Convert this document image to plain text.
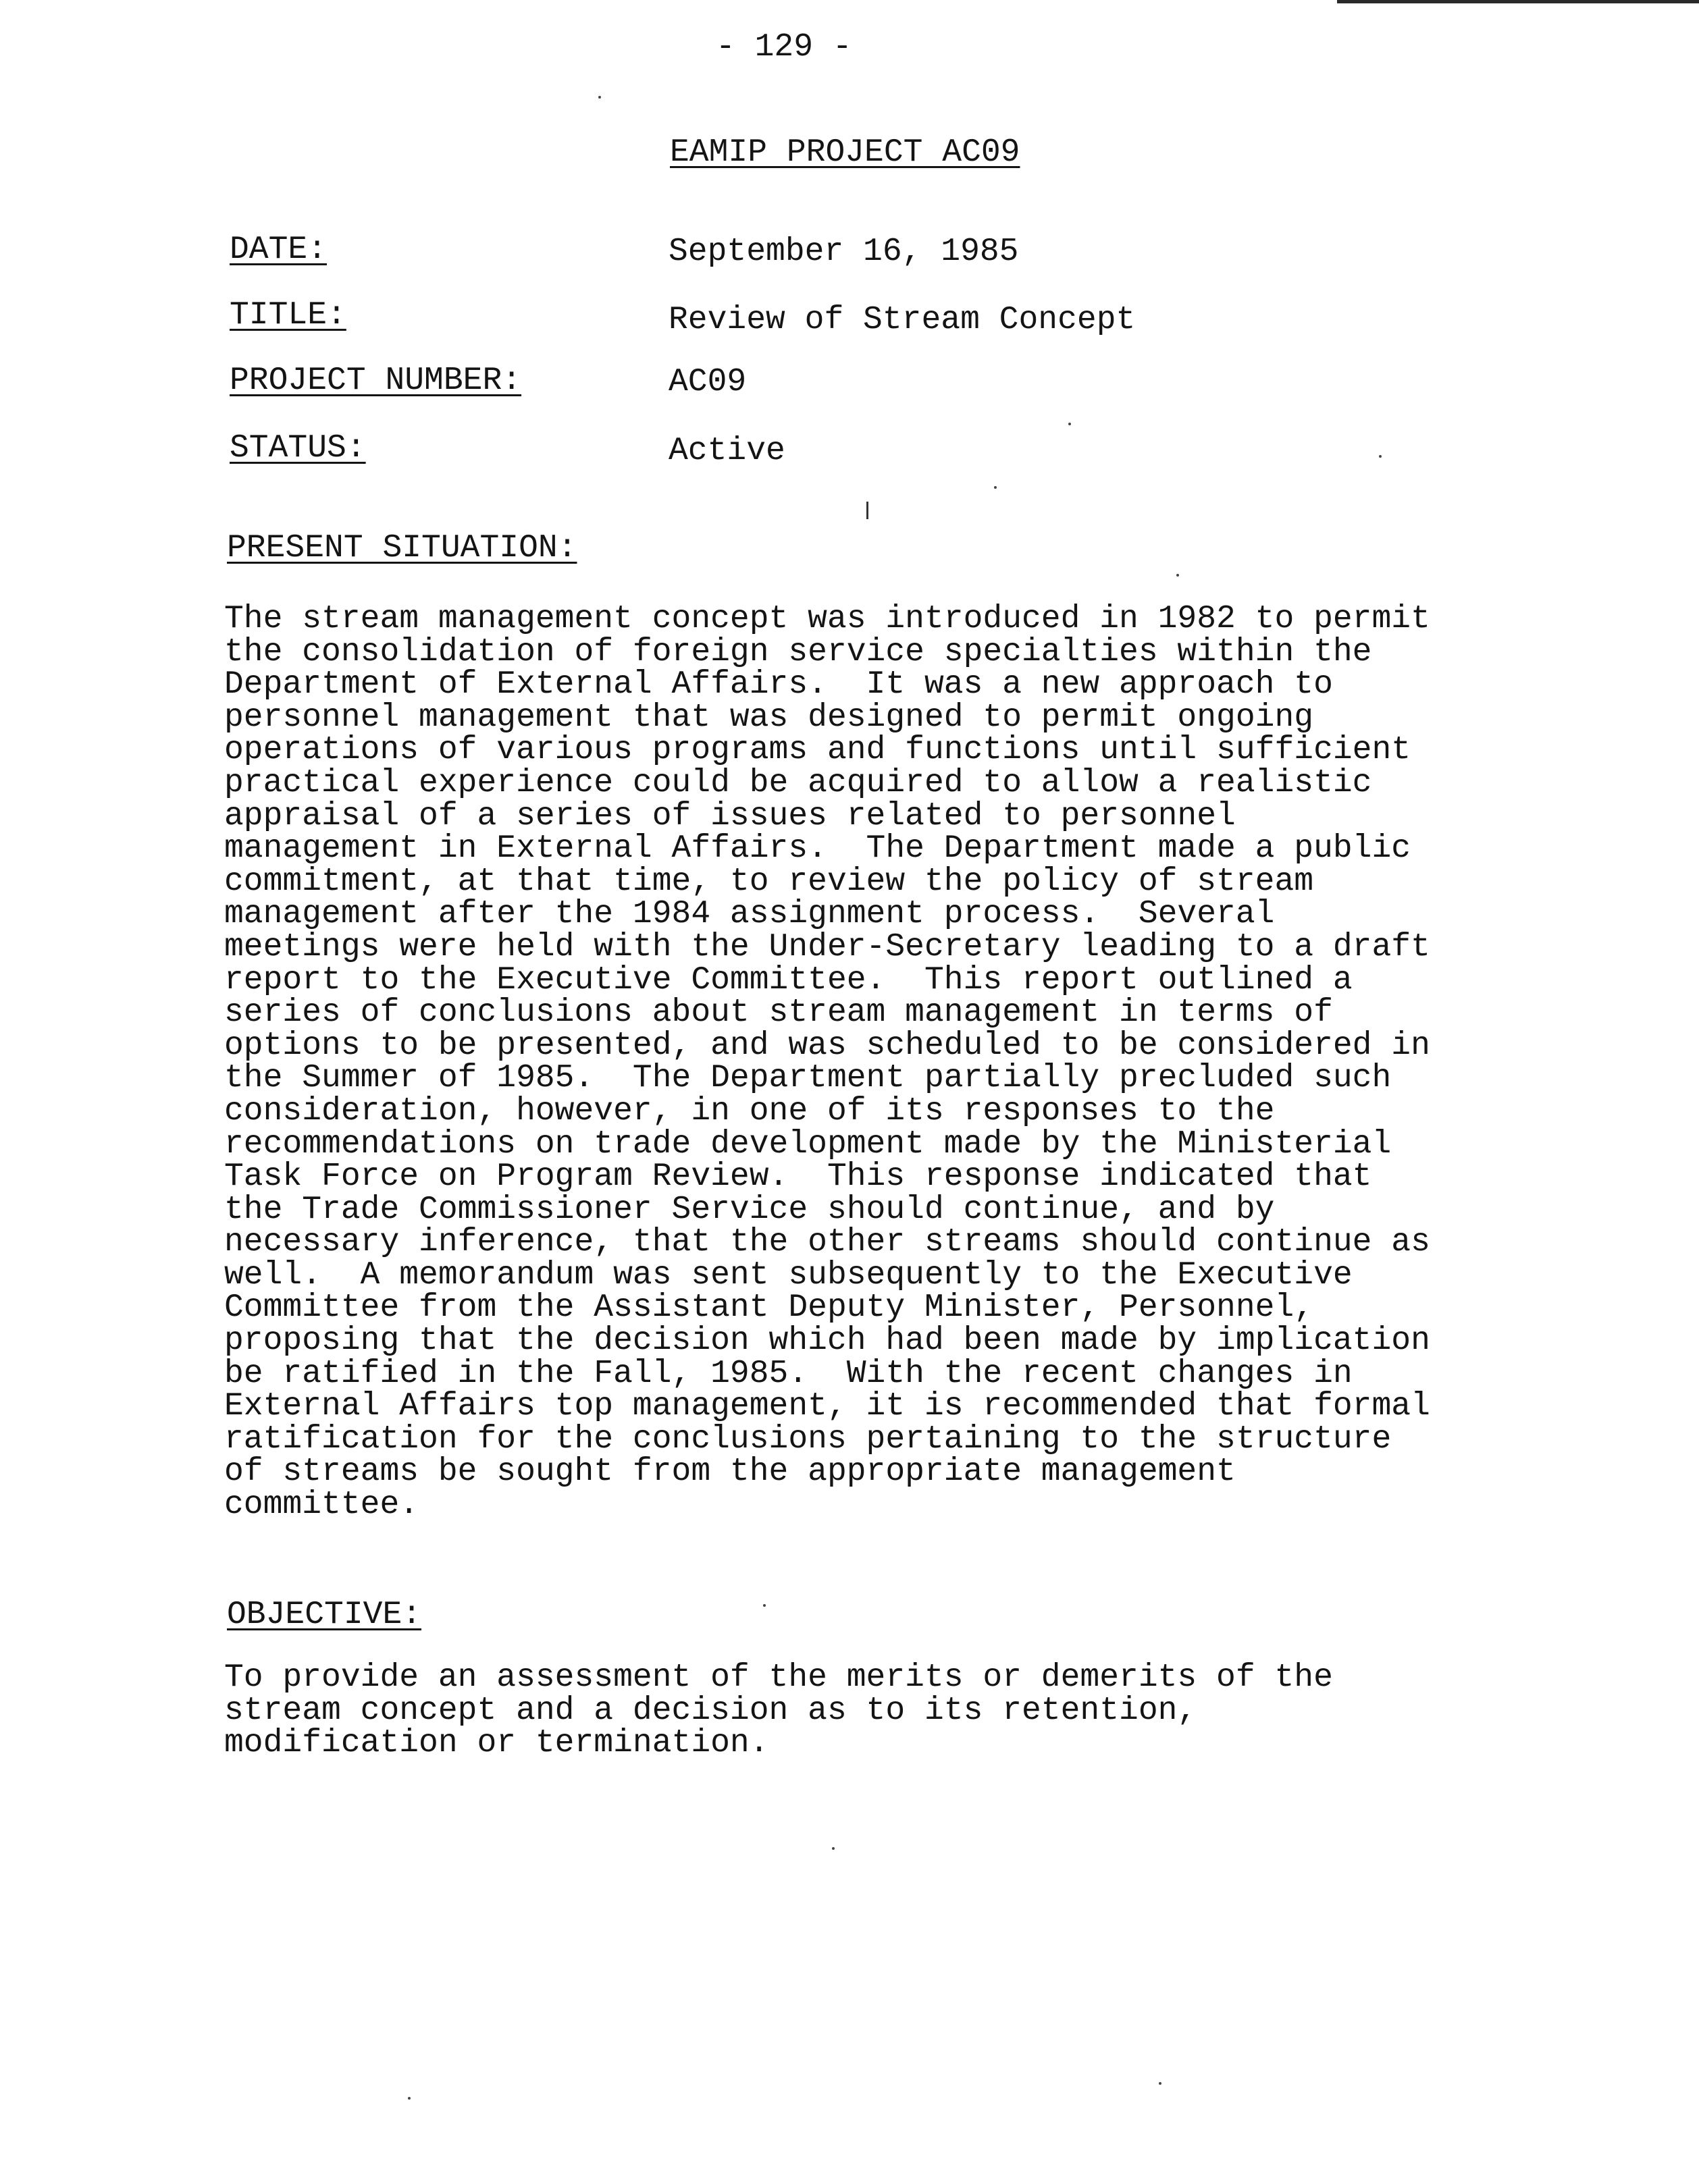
- 129 -
EAMIP PROJECT AC09
DATE:	September 16, 1985
TITLE:	Review of Stream Concept
PROJECT NUMBER:	AC09
STATUS:	Active
PRESENT SITUATION:
The stream management concept was introduced in 1982 to permit
the consolidation of foreign service specialties within the
Department of External Affairs.  It was a new approach to
personnel management that was designed to permit ongoing
operations of various programs and functions until sufficient
practical experience could be acquired to allow a realistic
appraisal of a series of issues related to personnel
management in External Affairs.  The Department made a public
commitment, at that time, to review the policy of stream
management after the 1984 assignment process.  Several
meetings were held with the Under-Secretary leading to a draft
report to the Executive Committee.  This report outlined a
series of conclusions about stream management in terms of
options to be presented, and was scheduled to be considered in
the Summer of 1985.  The Department partially precluded such
consideration, however, in one of its responses to the
recommendations on trade development made by the Ministerial
Task Force on Program Review.  This response indicated that
the Trade Commissioner Service should continue, and by
necessary inference, that the other streams should continue as
well.  A memorandum was sent subsequently to the Executive
Committee from the Assistant Deputy Minister, Personnel,
proposing that the decision which had been made by implication
be ratified in the Fall, 1985.  With the recent changes in
External Affairs top management, it is recommended that formal
ratification for the conclusions pertaining to the structure
of streams be sought from the appropriate management
committee.
OBJECTIVE:
To provide an assessment of the merits or demerits of the
stream concept and a decision as to its retention,
modification or termination.
